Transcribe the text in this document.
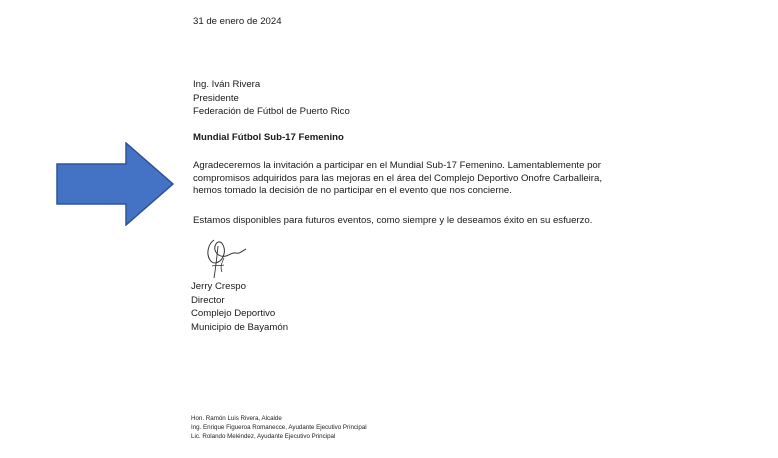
31 de enero de 2024
Ing. Iván Rivera
Presidente
Federación de Fútbol de Puerto Rico
Mundial Fútbol Sub-17 Femenino
Agradeceremos la invitación a participar en el Mundial Sub-17 Femenino. Lamentablemente por
compromisos adquiridos para las mejoras en el área del Complejo Deportivo Onofre Carballeira,
hemos tomado la decisión de no participar en el evento que nos concierne.
Estamos disponibles para futuros eventos, como siempre y le deseamos éxito en su esfuerzo.
Jerry Crespo
Director
Complejo Deportivo
Municipio de Bayamón
Hon. Ramón Luis Rivera, Alcalde
Ing. Enrique Figueroa Romanecce, Ayudante Ejecutivo Principal
Lic. Rolando Meléndez, Ayudante Ejecutivo Principal
